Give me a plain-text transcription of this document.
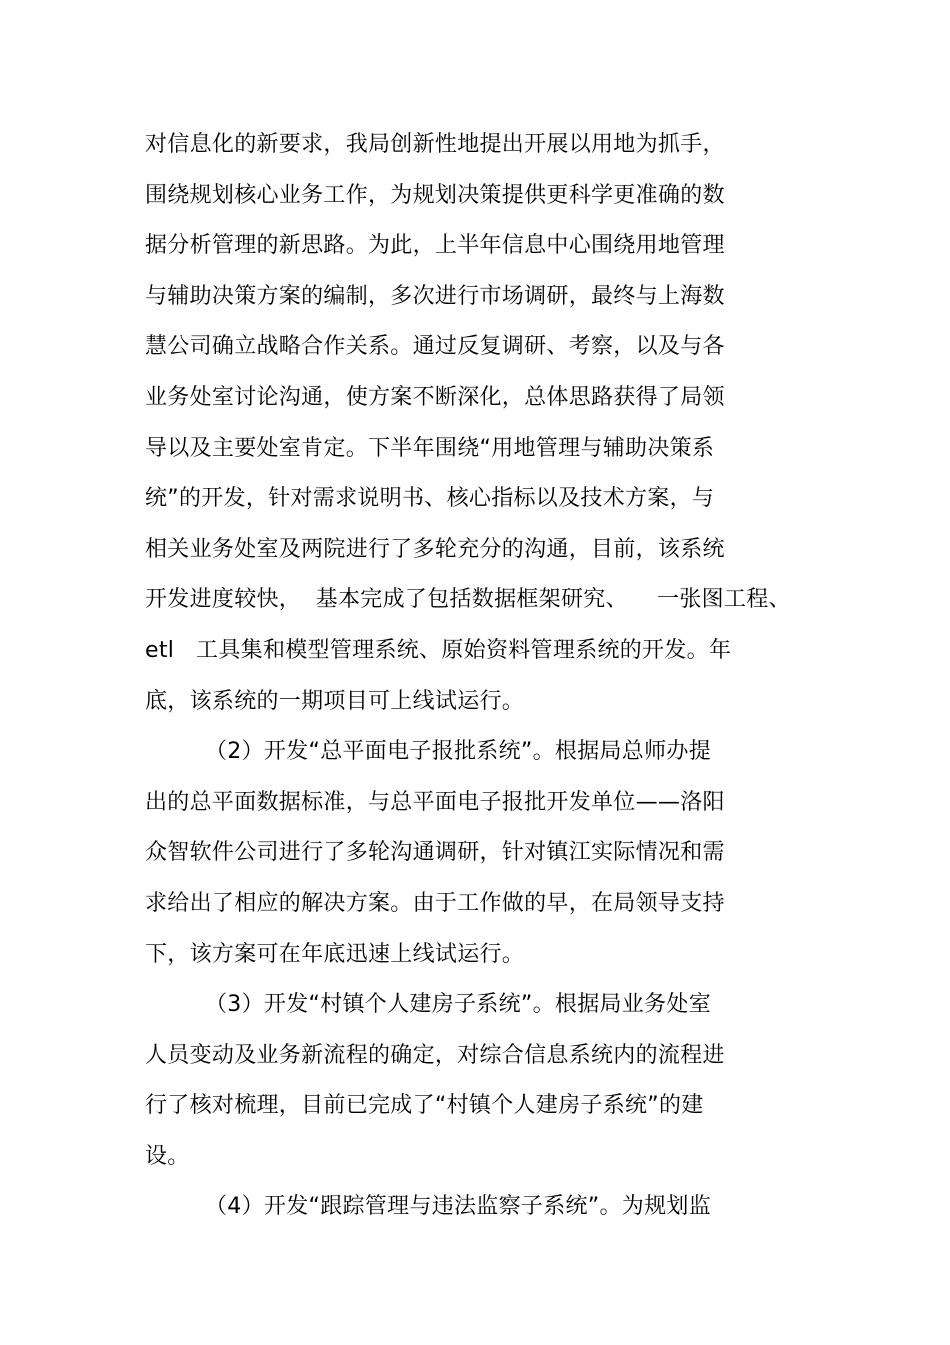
对信息化的新要求，我局创新性地提出开展以用地为抓手，
围绕规划核心业务工作，为规划决策提供更科学更准确的数
据分析管理的新思路。为此，上半年信息中心围绕用地管理
与辅助决策方案的编制，多次进行市场调研，最终与上海数
慧公司确立战略合作关系。通过反复调研、考察，以及与各
业务处室讨论沟通，使方案不断深化，总体思路获得了局领
导以及主要处室肯定。下半年围绕“用地管理与辅助决策系
统”的开发，针对需求说明书、核心指标以及技术方案，与
相关业务处室及两院进行了多轮充分的沟通，目前，该系统
开发进度较快，  基本完成了包括数据框架研究、    一张图工程、
etl   工具集和模型管理系统、原始资料管理系统的开发。年
底，该系统的一期项目可上线试运行。
（2）开发“总平面电子报批系统”。根据局总师办提
出的总平面数据标准，与总平面电子报批开发单位——洛阳
众智软件公司进行了多轮沟通调研，针对镇江实际情况和需
求给出了相应的解决方案。由于工作做的早，在局领导支持
下，该方案可在年底迅速上线试运行。
（3）开发“村镇个人建房子系统”。根据局业务处室
人员变动及业务新流程的确定，对综合信息系统内的流程进
行了核对梳理，目前已完成了“村镇个人建房子系统”的建
设。
（4）开发“跟踪管理与违法监察子系统”。为规划监
